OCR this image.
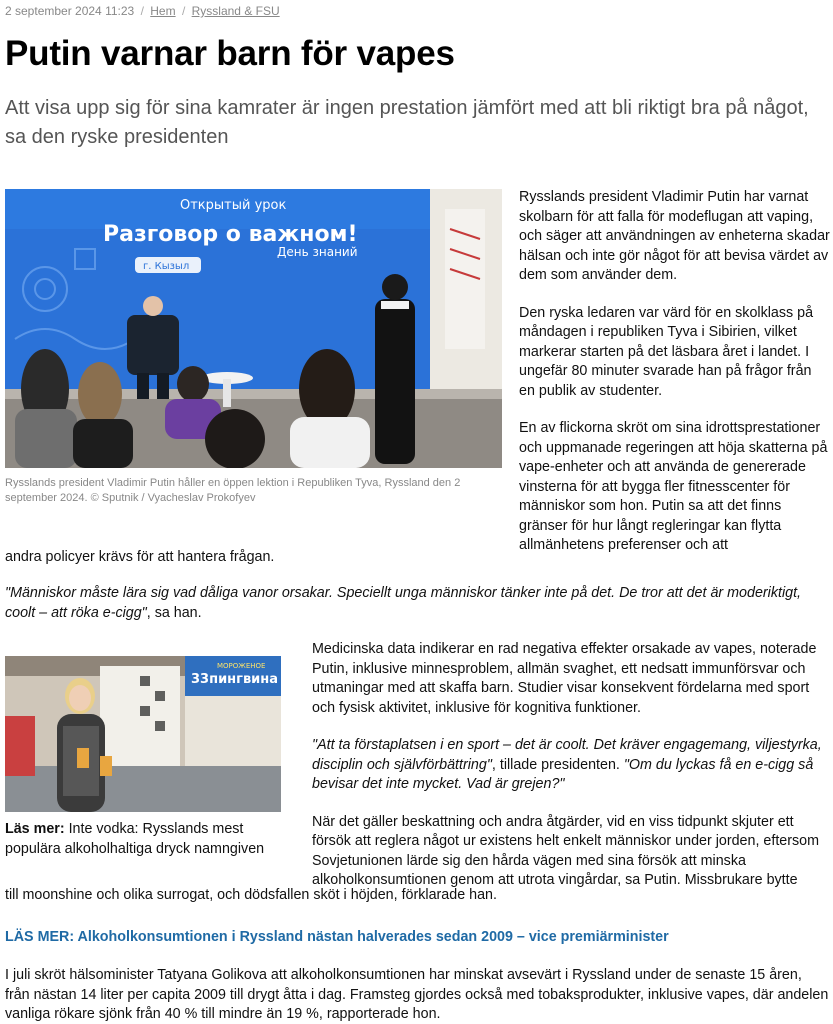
2 september 2024 11:23 / Hem / Ryssland & FSU
Putin varnar barn för vapes
Att visa upp sig för sina kamrater är ingen prestation jämfört med att bli riktigt bra på något, sa den ryske presidenten
Открытый урок
Разговор о важном!
День знаний
г. Кызыл
Rysslands president Vladimir Putin håller en öppen lektion i Republiken Tyva, Ryssland den 2 september 2024. © Sputnik / Vyacheslav Prokofyev

Rysslands president Vladimir Putin har varnat skolbarn för att falla för modeflugan att vaping, och säger att användningen av enheterna skadar hälsan och inte gör något för att bevisa värdet av dem som använder dem.

Den ryska ledaren var värd för en skolklass på måndagen i republiken Tyva i Sibirien, vilket markerar starten på det läsbara året i landet. I ungefär 80 minuter svarade han på frågor från en publik av studenter.

En av flickorna skröt om sina idrottsprestationer och uppmanade regeringen att höja skatterna på vape-enheter och att använda de genererade vinsterna för att bygga fler fitnesscenter för människor som hon. Putin sa att det finns gränser för hur långt regleringar kan flytta allmänhetens preferenser och att

andra policyer krävs för att hantera frågan.

"Människor måste lära sig vad dåliga vanor orsakar. Speciellt unga människor tänker inte på det. De tror att det är moderiktigt, coolt – att röka e-cigg", sa han.

МОРОЖЕНОЕ
33пингвина
Läs mer: Inte vodka: Rysslands mest populära alkoholhaltiga dryck namngiven

Medicinska data indikerar en rad negativa effekter orsakade av vapes, noterade Putin, inklusive minnesproblem, allmän svaghet, ett nedsatt immunförsvar och utmaningar med att skaffa barn. Studier visar konsekvent fördelarna med sport och fysisk aktivitet, inklusive för kognitiva funktioner.

"Att ta förstaplatsen i en sport – det är coolt. Det kräver engagemang, viljestyrka, disciplin och självförbättring", tillade presidenten. "Om du lyckas få en e-cigg så bevisar det inte mycket. Vad är grejen?"

När det gäller beskattning och andra åtgärder, vid en viss tidpunkt skjuter ett försök att reglera något ur existens helt enkelt människor under jorden, eftersom Sovjetunionen lärde sig den hårda vägen med sina försök att minska alkoholkonsumtionen genom att utrota vingårdar, sa Putin. Missbrukare bytte

till moonshine och olika surrogat, och dödsfallen sköt i höjden, förklarade han.

LÄS MER: Alkoholkonsumtionen i Ryssland nästan halverades sedan 2009 – vice premiärminister

I juli skröt hälsominister Tatyana Golikova att alkoholkonsumtionen har minskat avsevärt i Ryssland under de senaste 15 åren, från nästan 14 liter per capita 2009 till drygt åtta i dag. Framsteg gjordes också med tobaksprodukter, inklusive vapes, där andelen vanliga rökare sjönk från 40 % till mindre än 19 %, rapporterade hon.
